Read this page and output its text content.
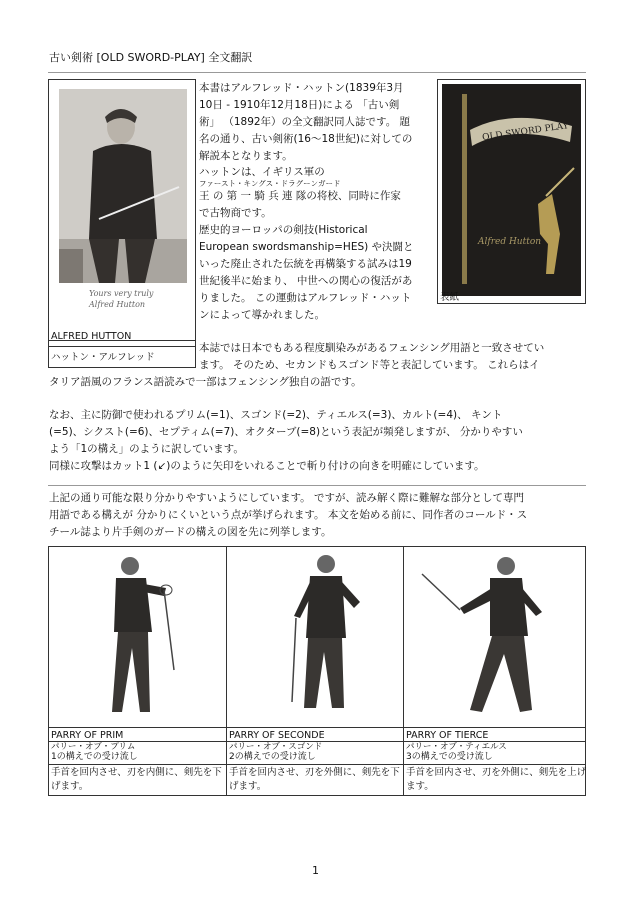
古い剣術 [OLD SWORD-PLAY] 全文翻訳
Yours very truly Alfred Hutton
ALFRED HUTTON
ハットン・アルフレッド
本書はアルフレッド・ハットン(1839年3月
10日 - 1910年12月18日)による 「古い剣
術」 （1892年）の全文翻訳同人誌です。 題
名の通り、古い剣術(16〜18世紀)に対しての
解説本となります。
ハットンは、イギリス軍の
ファースト・キングス・ドラグーンガード
王 の 第 一 騎 兵 連 隊の将校、同時に作家
で古物商です。
歴史的ヨーロッパの剣技(Historical
European swordsmanship=HES) や決闘と
いった廃止された伝統を再構築する試みは19
世紀後半に始まり、 中世への関心の復活があ
りました。 この運動はアルフレッド・ハット
ンによって導かれました。
OLD SWORD PLAY
Alfred Hutton
表紙
本誌では日本でもある程度馴染みがあるフェンシング用語と一致させてい
ます。 そのため、セカンドもスゴンド等と表記しています。 これらはイ
タリア語風のフランス語読みで一部はフェンシング独自の語です。
なお、主に防御で使われるプリム(=1)、スゴンド(=2)、ティエルス(=3)、カルト(=4)、 キント
(=5)、シクスト(=6)、セプティム(=7)、オクターブ(=8)という表記が頻発しますが、 分かりやすい
よう「1の構え」のように訳しています。
同様に攻撃はカット1 (↙)のように矢印をいれることで斬り付けの向きを明確にしています。
上記の通り可能な限り分かりやすいようにしています。 ですが、読み解く際に難解な部分として専門
用語である構えが 分かりにくいという点が挙げられます。 本文を始める前に、同作者のコールド・ス
チール誌より片手剣のガードの構えの図を先に列挙します。
PARRY OF PRIM
パリー・オブ・プリム
1の構えでの受け流し
手首を回内させ、刃を内側に、剣先を下
げます。
PARRY OF SECONDE
パリー・オブ・スゴンド
2の構えでの受け流し
手首を回内させ、刃を外側に、剣先を下
げます。
PARRY OF TIERCE
パリー・オブ・ティエルス
3の構えでの受け流し
手首を回内させ、刃を外側に、剣先を上げ
ます。
1
